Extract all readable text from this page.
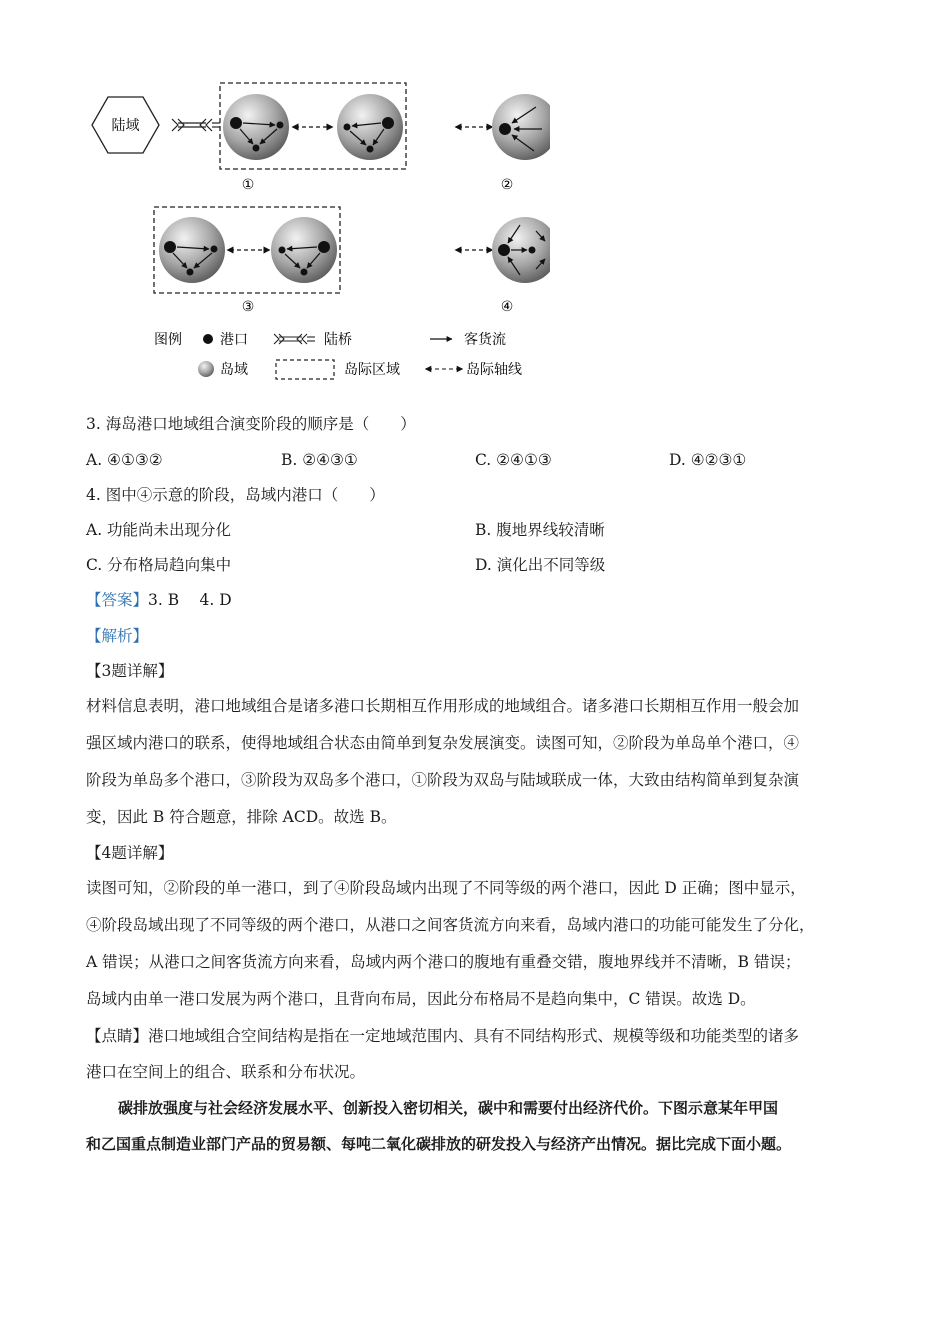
陆域
①	②
③	④
图例	港口	陆桥	客货流
岛域	岛际区域	岛际轴线
3. 海岛港口地域组合演变阶段的顺序是（　　）
A. ④①③②	B. ②④③①	C. ②④①③	D. ④②③①
4. 图中④示意的阶段，岛域内港口（　　）
A. 功能尚未出现分化	B. 腹地界线较清晰
C. 分布格局趋向集中	D. 演化出不同等级
【答案】3. B　 4. D
【解析】
【3题详解】
材料信息表明，港口地域组合是诸多港口长期相互作用形成的地域组合。诸多港口长期相互作用一般会加
强区域内港口的联系，使得地域组合状态由简单到复杂发展演变。读图可知，②阶段为单岛单个港口，④
阶段为单岛多个港口，③阶段为双岛多个港口，①阶段为双岛与陆域联成一体，大致由结构简单到复杂演
变，因此 B 符合题意，排除 ACD。故选 B。
【4题详解】
读图可知，②阶段的单一港口，到了④阶段岛域内出现了不同等级的两个港口，因此 D 正确；图中显示，
④阶段岛域出现了不同等级的两个港口，从港口之间客货流方向来看，岛域内港口的功能可能发生了分化，
A 错误；从港口之间客货流方向来看，岛域内两个港口的腹地有重叠交错，腹地界线并不清晰，B 错误；
岛域内由单一港口发展为两个港口，且背向布局，因此分布格局不是趋向集中，C 错误。故选 D。
【点睛】港口地域组合空间结构是指在一定地域范围内、具有不同结构形式、规模等级和功能类型的诸多
港口在空间上的组合、联系和分布状况。
碳排放强度与社会经济发展水平、创新投入密切相关，碳中和需要付出经济代价。下图示意某年甲国
和乙国重点制造业部门产品的贸易额、每吨二氧化碳排放的研发投入与经济产出情况。据比完成下面小题。
